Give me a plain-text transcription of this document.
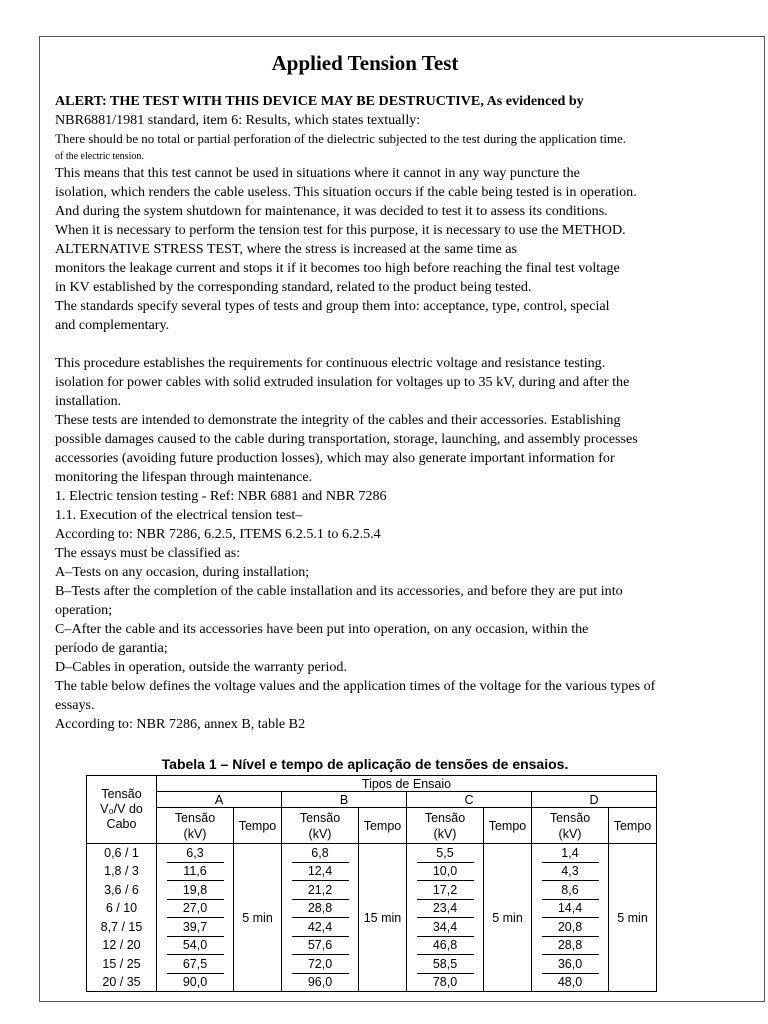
Applied Tension Test
ALERT: THE TEST WITH THIS DEVICE MAY BE DESTRUCTIVE, As evidenced by
NBR6881/1981 standard, item 6: Results, which states textually:
There should be no total or partial perforation of the dielectric subjected to the test during the application time.
of the electric tension.
This means that this test cannot be used in situations where it cannot in any way puncture the
isolation, which renders the cable useless. This situation occurs if the cable being tested is in operation.
And during the system shutdown for maintenance, it was decided to test it to assess its conditions.
When it is necessary to perform the tension test for this purpose, it is necessary to use the METHOD.
ALTERNATIVE STRESS TEST, where the stress is increased at the same time as
monitors the leakage current and stops it if it becomes too high before reaching the final test voltage
in KV established by the corresponding standard, related to the product being tested.
The standards specify several types of tests and group them into: acceptance, type, control, special
and complementary.
This procedure establishes the requirements for continuous electric voltage and resistance testing.
isolation for power cables with solid extruded insulation for voltages up to 35 kV, during and after the
installation.
These tests are intended to demonstrate the integrity of the cables and their accessories. Establishing
possible damages caused to the cable during transportation, storage, launching, and assembly processes
accessories (avoiding future production losses), which may also generate important information for
monitoring the lifespan through maintenance.
1. Electric tension testing - Ref: NBR 6881 and NBR 7286
1.1. Execution of the electrical tension test–
According to: NBR 7286, 6.2.5, ITEMS 6.2.5.1 to 6.2.5.4
The essays must be classified as:
A–Tests on any occasion, during installation;
B–Tests after the completion of the cable installation and its accessories, and before they are put into
operation;
C–After the cable and its accessories have been put into operation, on any occasion, within the
período de garantia;
D–Cables in operation, outside the warranty period.
The table below defines the voltage values and the application times of the voltage for the various types of
essays.
According to: NBR 7286, annex B, table B2
Tabela 1 – Nível e tempo de aplicação de tensões de ensaios.
Tensão V₀/V do Cabo	Tipos de Ensaio															
	A				B				C				D			
	Tensão (kV)			Tempo	Tensão (kV)			Tempo	Tensão (kV)			Tempo	Tensão (kV)			Tempo
0,6 / 1		6,3		5 min		6,8		15 min		5,5		5 min		1,4		5 min
1,8 / 3		11,6				12,4				10,0				4,3		
3,6 / 6		19,8				21,2				17,2				8,6		
6 / 10		27,0				28,8				23,4				14,4		
8,7 / 15		39,7				42,4				34,4				20,8		
12 / 20		54,0				57,6				46,8				28,8		
15 / 25		67,5				72,0				58,5				36,0		
20 / 35		90,0				96,0				78,0				48,0		
